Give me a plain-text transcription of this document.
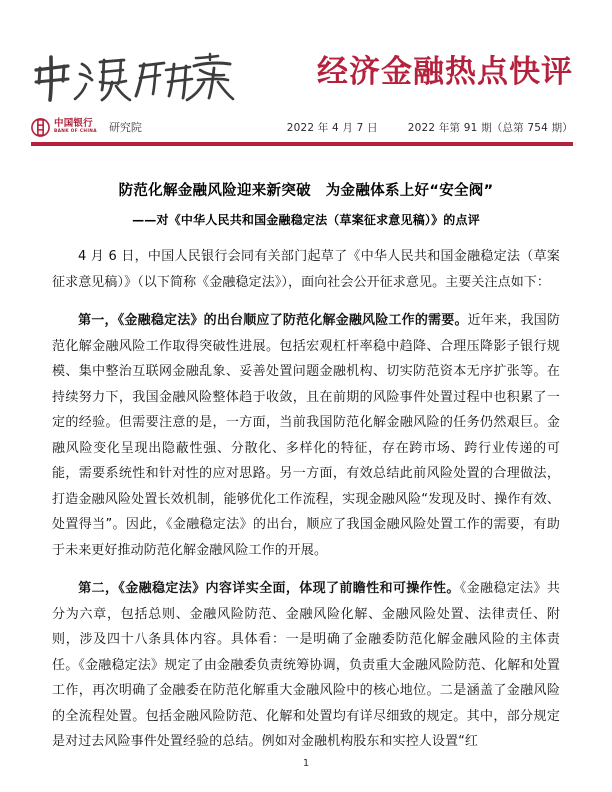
经济金融热点快评
中国银行
BANK OF CHINA 研究院	2022 年 4 月 7 日	2022 年第 91 期（总第 754 期）
防范化解金融风险迎来新突破　为金融体系上好“安全阀”
——对《中华人民共和国金融稳定法（草案征求意见稿）》的点评

4 月 6 日，中国人民银行会同有关部门起草了《中华人民共和国金融稳定法（草案征求意见稿）》（以下简称《金融稳定法》），面向社会公开征求意见。主要关注点如下：

第一，《金融稳定法》的出台顺应了防范化解金融风险工作的需要。近年来，我国防范化解金融风险工作取得突破性进展。包括宏观杠杆率稳中趋降、合理压降影子银行规模、集中整治互联网金融乱象、妥善处置问题金融机构、切实防范资本无序扩张等。在持续努力下，我国金融风险整体趋于收敛，且在前期的风险事件处置过程中也积累了一定的经验。但需要注意的是，一方面，当前我国防范化解金融风险的任务仍然艰巨。金融风险变化呈现出隐蔽性强、分散化、多样化的特征，存在跨市场、跨行业传递的可能，需要系统性和针对性的应对思路。另一方面，有效总结此前风险处置的合理做法，打造金融风险处置长效机制，能够优化工作流程，实现金融风险“发现及时、操作有效、处置得当”。因此，《金融稳定法》的出台，顺应了我国金融风险处置工作的需要，有助于未来更好推动防范化解金融风险工作的开展。

第二，《金融稳定法》内容详实全面，体现了前瞻性和可操作性。《金融稳定法》共分为六章，包括总则、金融风险防范、金融风险化解、金融风险处置、法律责任、附则，涉及四十八条具体内容。具体看：一是明确了金融委防范化解金融风险的主体责任。《金融稳定法》规定了由金融委负责统筹协调，负责重大金融风险防范、化解和处置工作，再次明确了金融委在防范化解重大金融风险中的核心地位。二是涵盖了金融风险的全流程处置。包括金融风险防范、化解和处置均有详尽细致的规定。其中，部分规定是对过去风险事件处置经验的总结。例如对金融机构股东和实控人设置“红

1
